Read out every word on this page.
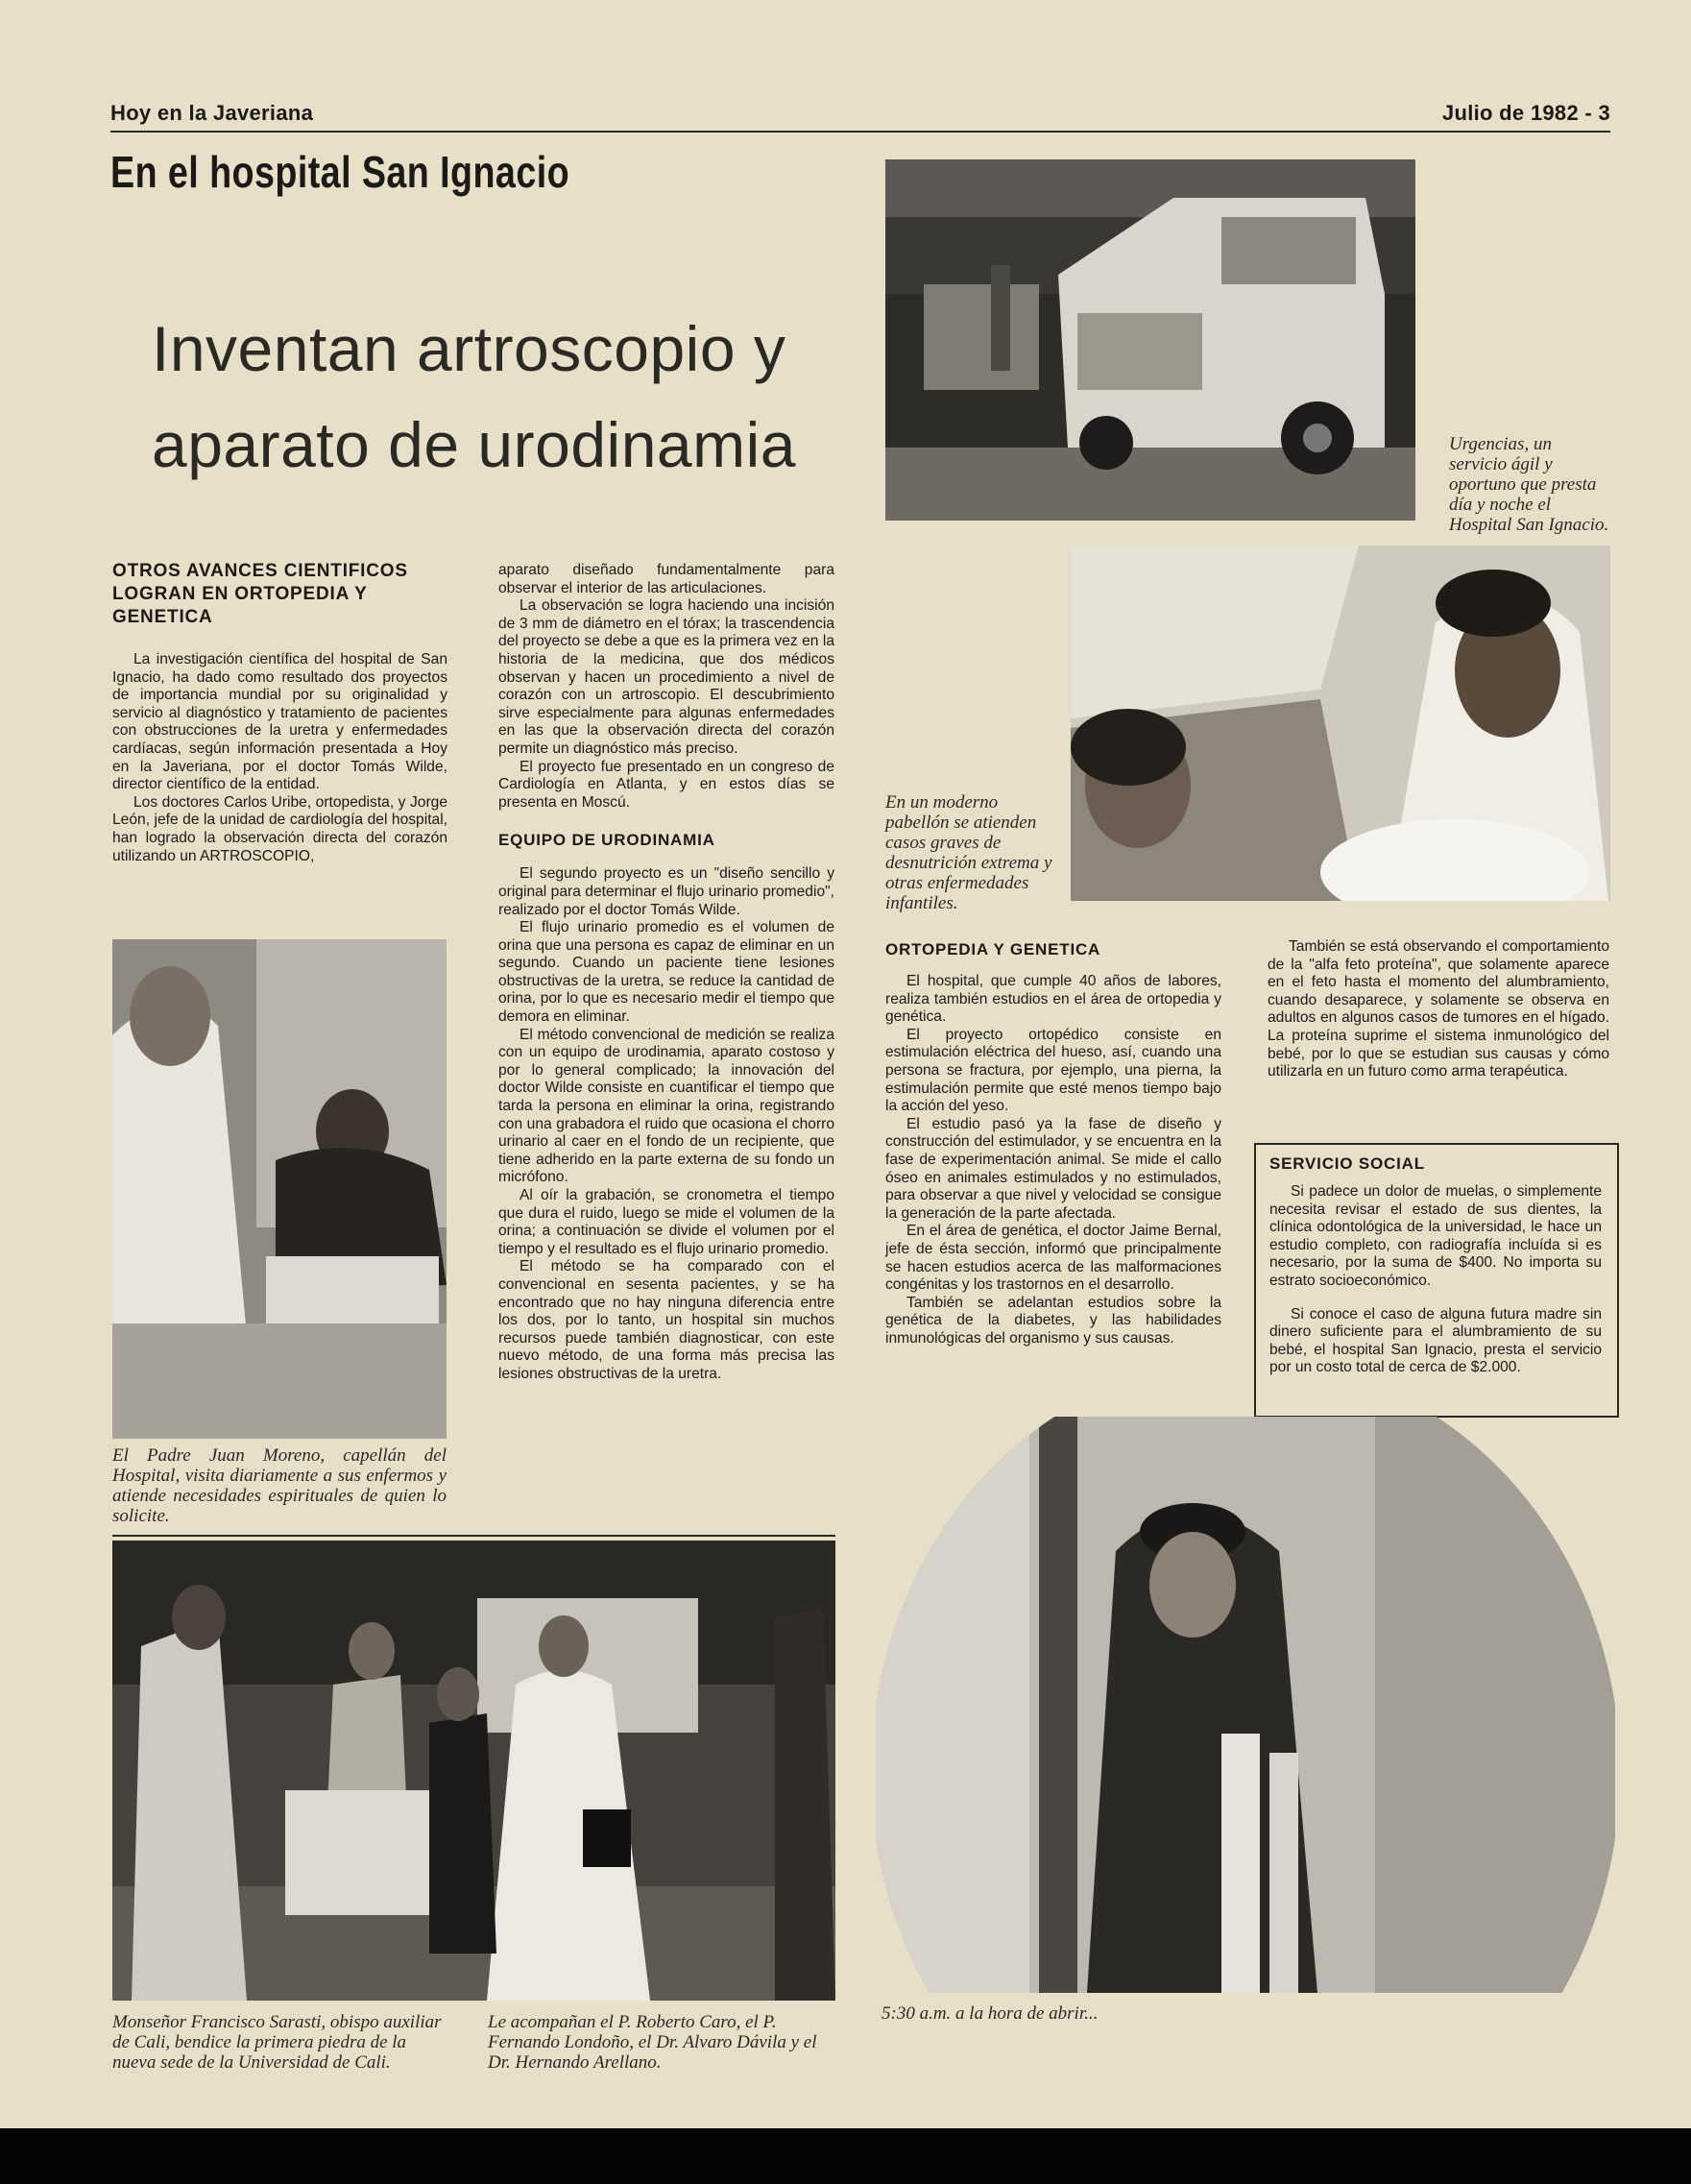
Hoy en la Javeriana	Julio de 1982 - 3
En el hospital San Ignacio
Inventan artroscopio y
aparato de urodinamia	Urgencias, un servicio ágil y oportuno que presta día y noche el Hospital San Ignacio.
En un moderno pabellón se atienden casos graves de desnutrición extrema y otras enfermedades infantiles.
OTROS AVANCES CIENTIFICOS LOGRAN EN ORTOPEDIA Y GENETICA

La investigación científica del hospital de San Ignacio, ha dado como resultado dos proyectos de importancia mundial por su originalidad y servicio al diagnóstico y tratamiento de pacientes con obstrucciones de la uretra y enfermedades cardíacas, según información presentada a Hoy en la Javeriana, por el doctor Tomás Wilde, director científico de la entidad.

Los doctores Carlos Uribe, ortopedista, y Jorge León, jefe de la unidad de cardiología del hospital, han logrado la observación directa del corazón utilizando un ARTROSCOPIO,

El Padre Juan Moreno, capellán del Hospital, visita diariamente a sus enfermos y atiende necesidades espirituales de quien lo solicite.

aparato diseñado fundamentalmente para observar el interior de las articulaciones.

La observación se logra haciendo una incisión de 3 mm de diámetro en el tórax; la trascendencia del proyecto se debe a que es la primera vez en la historia de la medicina, que dos médicos observan y hacen un procedimiento a nivel de corazón con un artroscopio. El descubrimiento sirve especialmente para algunas enfermedades en las que la observación directa del corazón permite un diagnóstico más preciso.

El proyecto fue presentado en un congreso de Cardiología en Atlanta, y en estos días se presenta en Moscú.

EQUIPO DE URODINAMIA

El segundo proyecto es un "diseño sencillo y original para determinar el flujo urinario promedio", realizado por el doctor Tomás Wilde.

El flujo urinario promedio es el volumen de orina que una persona es capaz de eliminar en un segundo. Cuando un paciente tiene lesiones obstructivas de la uretra, se reduce la cantidad de orina, por lo que es necesario medir el tiempo que demora en eliminar.

El método convencional de medición se realiza con un equipo de urodinamia, aparato costoso y por lo general complicado; la innovación del doctor Wilde consiste en cuantificar el tiempo que tarda la persona en eliminar la orina, registrando con una grabadora el ruido que ocasiona el chorro urinario al caer en el fondo de un recipiente, que tiene adherido en la parte externa de su fondo un micrófono.

Al oír la grabación, se cronometra el tiempo que dura el ruido, luego se mide el volumen de la orina; a continuación se divide el volumen por el tiempo y el resultado es el flujo urinario promedio.

El método se ha comparado con el convencional en sesenta pacientes, y se ha encontrado que no hay ninguna diferencia entre los dos, por lo tanto, un hospital sin muchos recursos puede también diagnosticar, con este nuevo método, de una forma más precisa las lesiones obstructivas de la uretra.

ORTOPEDIA Y GENETICA

El hospital, que cumple 40 años de labores, realiza también estudios en el área de ortopedia y genética.

El proyecto ortopédico consiste en estimulación eléctrica del hueso, así, cuando una persona se fractura, por ejemplo, una pierna, la estimulación permite que esté menos tiempo bajo la acción del yeso.

El estudio pasó ya la fase de diseño y construcción del estimulador, y se encuentra en la fase de experimentación animal. Se mide el callo óseo en animales estimulados y no estimulados, para observar a que nivel y velocidad se consigue la generación de la parte afectada.

En el área de genética, el doctor Jaime Bernal, jefe de ésta sección, informó que principalmente se hacen estudios acerca de las malformaciones congénitas y los trastornos en el desarrollo.

También se adelantan estudios sobre la genética de la diabetes, y las habilidades inmunológicas del organismo y sus causas.

También se está observando el comportamiento de la "alfa feto proteína", que solamente aparece en el feto hasta el momento del alumbramiento, cuando desaparece, y solamente se observa en adultos en algunos casos de tumores en el hígado. La proteína suprime el sistema inmunológico del bebé, por lo que se estudian sus causas y cómo utilizarla en un futuro como arma terapéutica.

SERVICIO SOCIAL

Si padece un dolor de muelas, o simplemente necesita revisar el estado de sus dientes, la clínica odontológica de la universidad, le hace un estudio completo, con radiografía incluída si es necesario, por la suma de $400. No importa su estrato socioeconómico.

Si conoce el caso de alguna futura madre sin dinero suficiente para el alumbramiento de su bebé, el hospital San Ignacio, presta el servicio por un costo total de cerca de $2.000.

Monseñor Francisco Sarasti, obispo auxiliar de Cali, bendice la primera piedra de la nueva sede de la Universidad de Cali.
Le acompañan el P. Roberto Caro, el P. Fernando Londoño, el Dr. Alvaro Dávila y el Dr. Hernando Arellano.
5:30 a.m. a la hora de abrir...
